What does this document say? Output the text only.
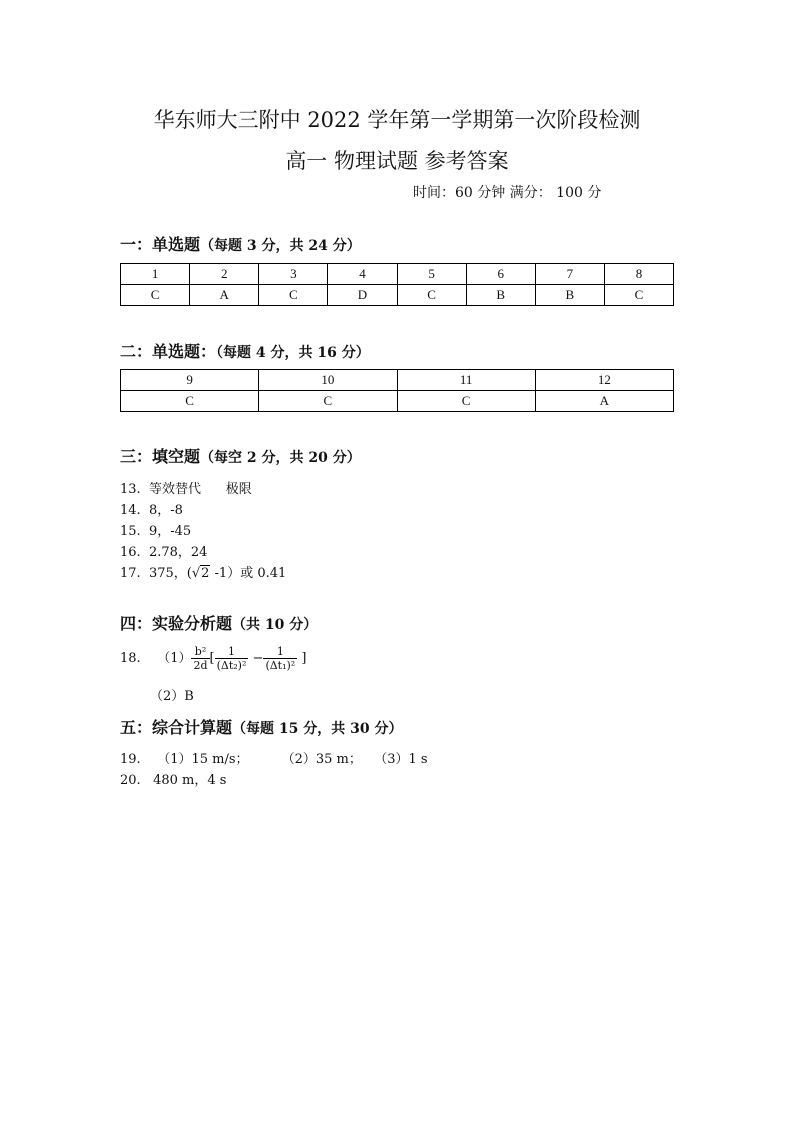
华东师大三附中 2022 学年第一学期第一次阶段检测
高一 物理试题 参考答案
时间：60 分钟 满分： 100 分
一：单选题（每题 3 分，共 24 分）
1	2	3	4	5	6	7	8
C	A	C	D	C	B	B	C
二：单选题：（每题 4 分，共 16 分）
9	10	11	12
C	C	C	A
三：填空题（每空 2 分，共 20 分）
13.  等效替代      极限
14.  8，-8
15.  9，-45
16.  2.78，24
17.  375，(√2 -1）或 0.41
四：实验分析题（共 10 分）
18.    $(1) \frac{\text{b²}}{2d}$ [ $\frac{1}{\text{(Δt₂)²}} - \frac{1}{\text{(Δt₁)²}}$ ]
（2）B
五：综合计算题（每题 15 分，共 30 分）
19.    （1）15 m/s；        （2）35 m；   （3）1 s
20.   480 m，4 s
